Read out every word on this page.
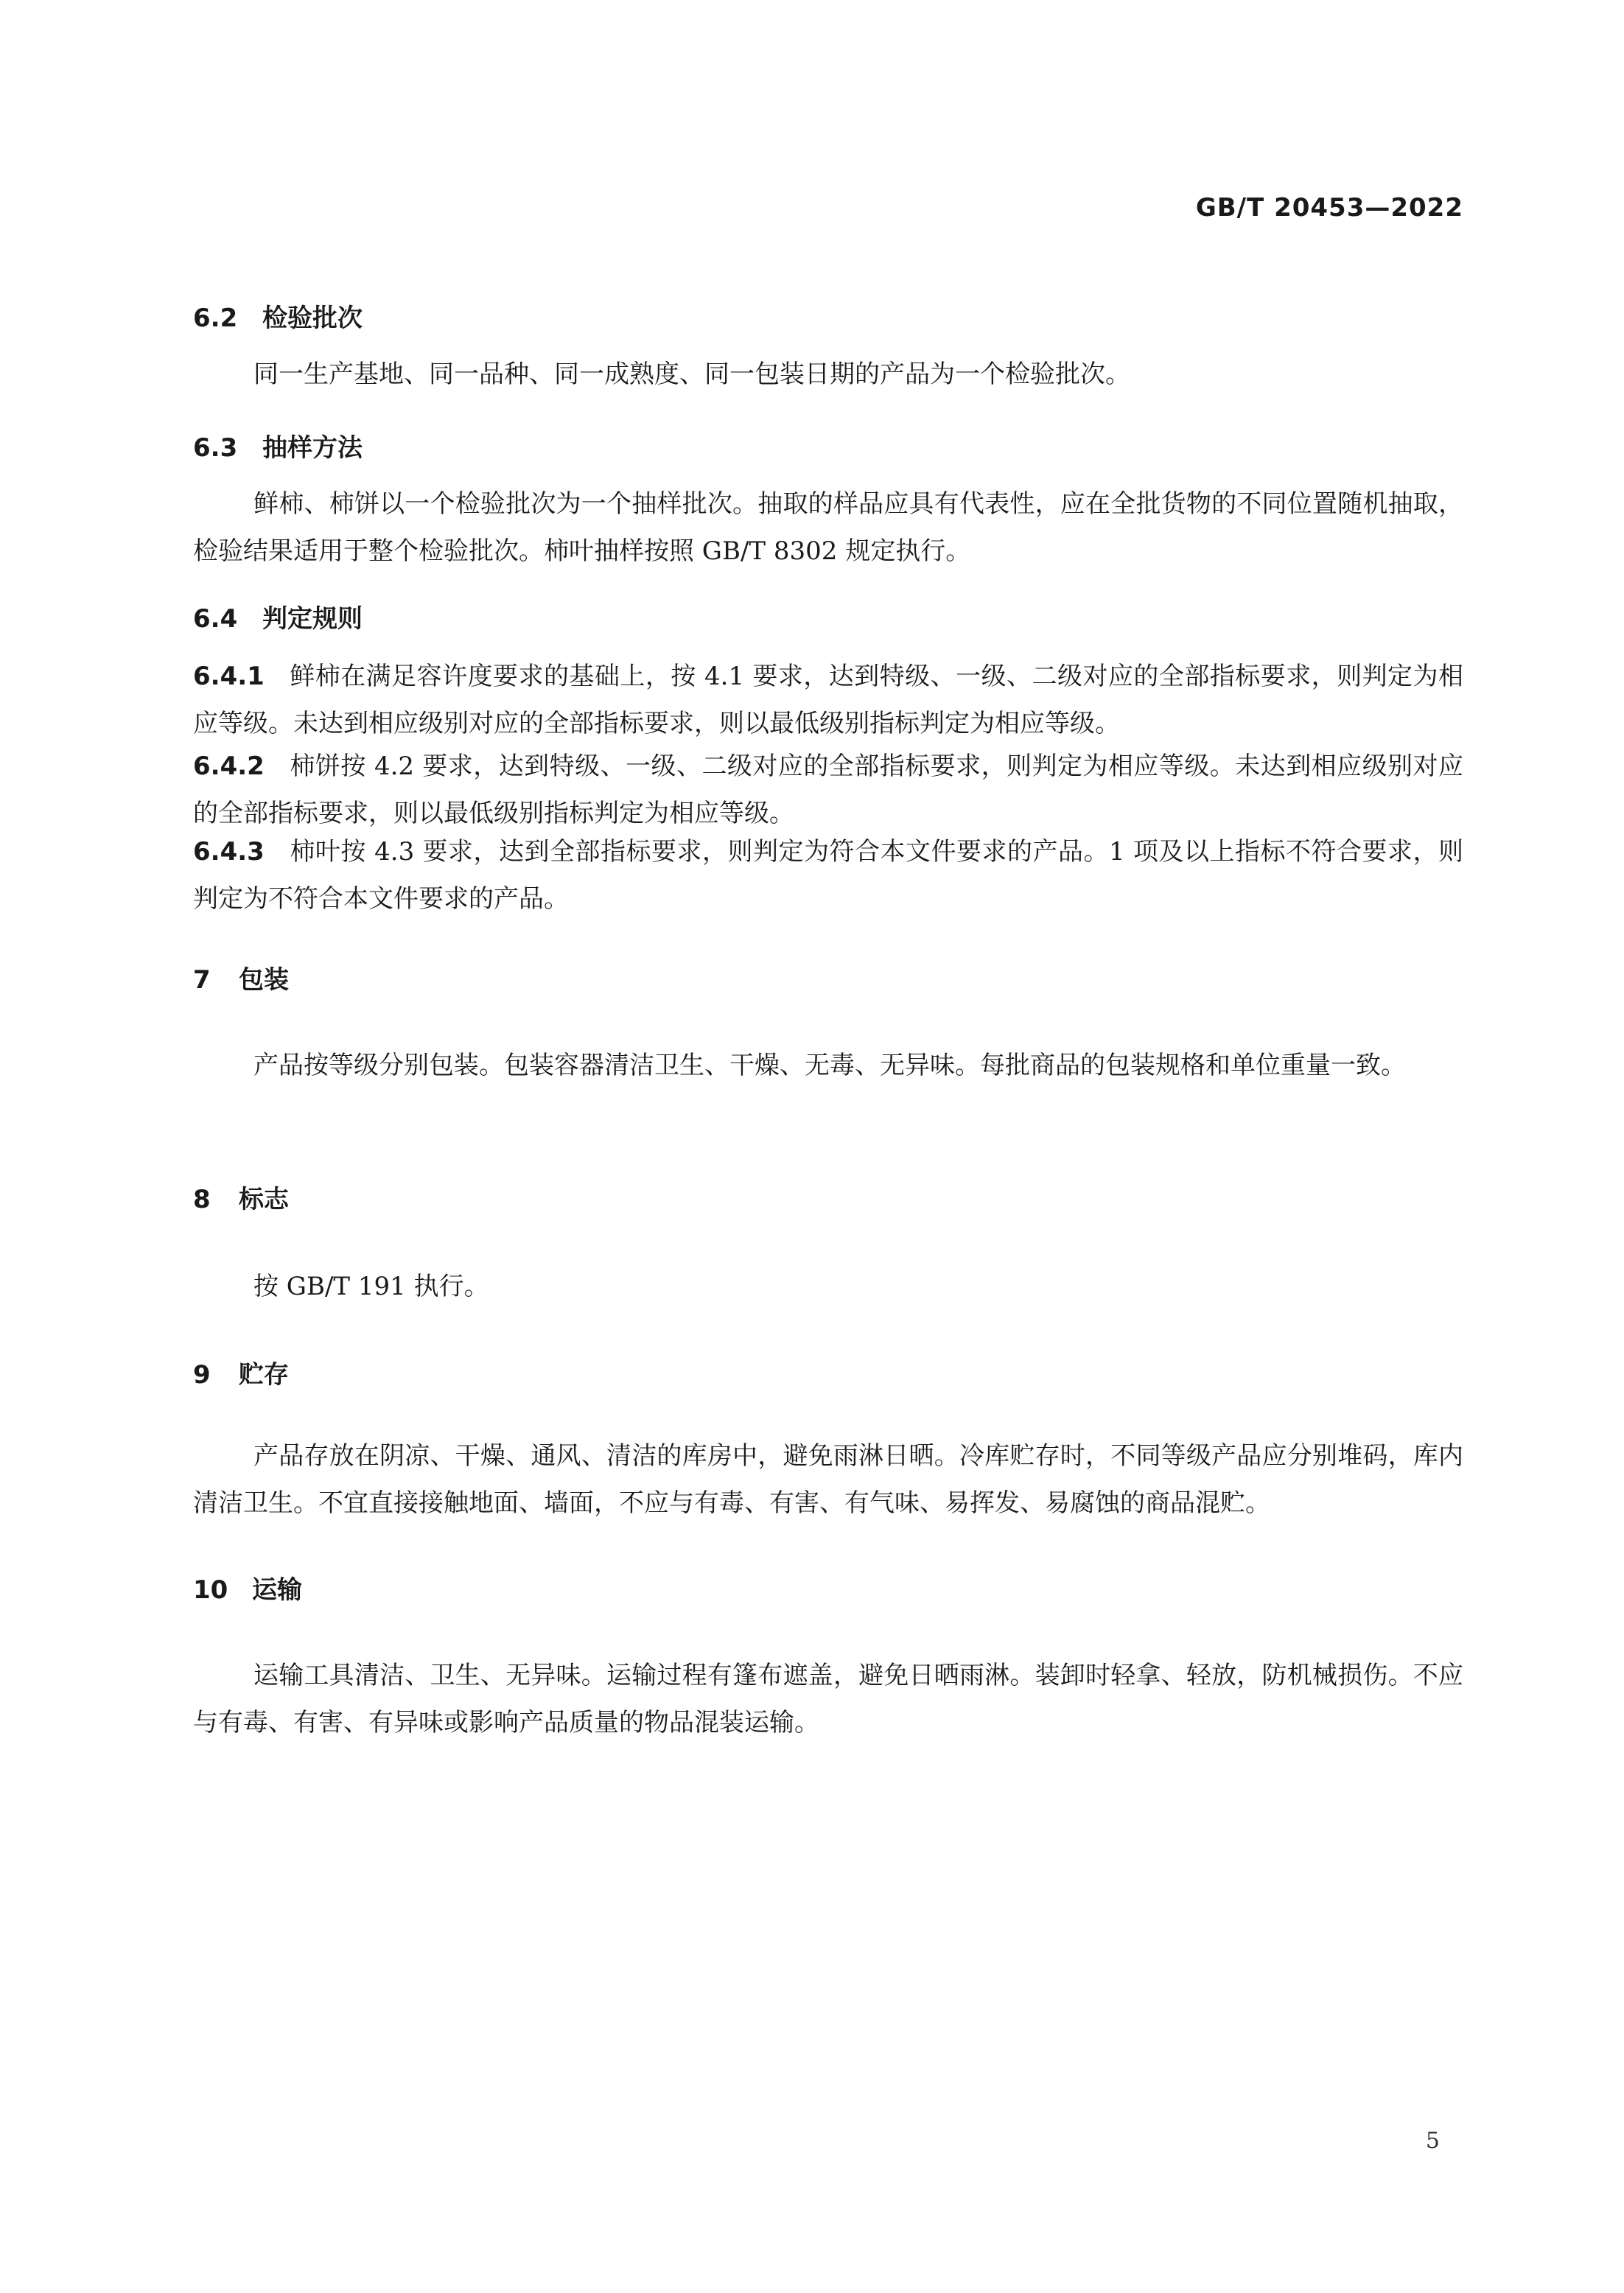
GB/T 20453—2022
6.2 检验批次
同一生产基地、同一品种、同一成熟度、同一包装日期的产品为一个检验批次。
6.3 抽样方法
鲜柿、柿饼以一个检验批次为一个抽样批次。抽取的样品应具有代表性，应在全批货物的不同位置随机抽取，检验结果适用于整个检验批次。柿叶抽样按照 GB/T 8302 规定执行。
6.4 判定规则
6.4.1 鲜柿在满足容许度要求的基础上，按 4.1 要求，达到特级、一级、二级对应的全部指标要求，则判定为相应等级。未达到相应级别对应的全部指标要求，则以最低级别指标判定为相应等级。
6.4.2 柿饼按 4.2 要求，达到特级、一级、二级对应的全部指标要求，则判定为相应等级。未达到相应级别对应的全部指标要求，则以最低级别指标判定为相应等级。
6.4.3 柿叶按 4.3 要求，达到全部指标要求，则判定为符合本文件要求的产品。1 项及以上指标不符合要求，则判定为不符合本文件要求的产品。
7 包装
产品按等级分别包装。包装容器清洁卫生、干燥、无毒、无异味。每批商品的包装规格和单位重量一致。
8 标志
按 GB/T 191 执行。
9 贮存
产品存放在阴凉、干燥、通风、清洁的库房中，避免雨淋日晒。冷库贮存时，不同等级产品应分别堆码，库内清洁卫生。不宜直接接触地面、墙面，不应与有毒、有害、有气味、易挥发、易腐蚀的商品混贮。
10 运输
运输工具清洁、卫生、无异味。运输过程有篷布遮盖，避免日晒雨淋。装卸时轻拿、轻放，防机械损伤。不应与有毒、有害、有异味或影响产品质量的物品混装运输。
5
